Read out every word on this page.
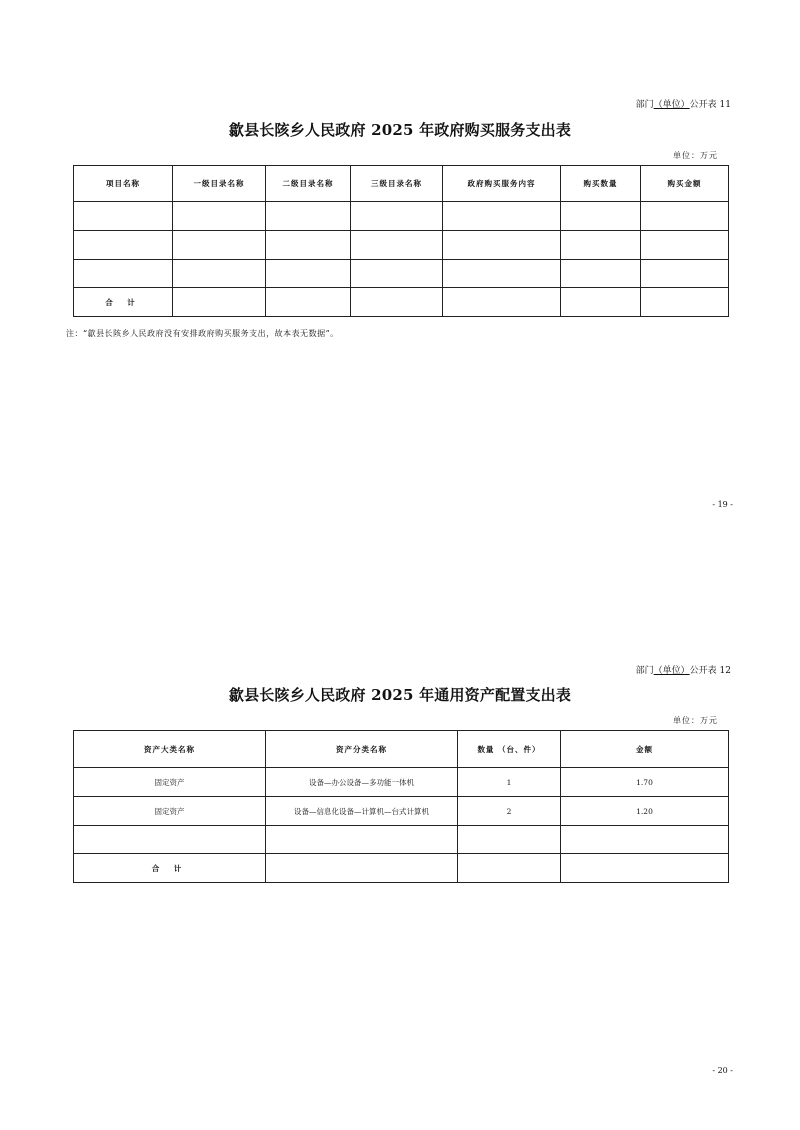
部门（单位）公开表 11
歙县长陔乡人民政府 2025 年政府购买服务支出表
单位：万元
项目名称	一级目录名称	二级目录名称	三级目录名称	政府购买服务内容	购买数量	购买金额

合 计						
注：“歙县长陔乡人民政府没有安排政府购买服务支出，故本表无数据”。
- 19 -
部门（单位）公开表 12
歙县长陔乡人民政府 2025 年通用资产配置支出表
单位：万元
资产大类名称	资产分类名称	数量 （台、件）	金额
固定资产	设备—办公设备—多功能一体机	1	1.70
固定资产	设备—信息化设备—计算机—台式计算机	2	1.20

合 计			
- 20 -
